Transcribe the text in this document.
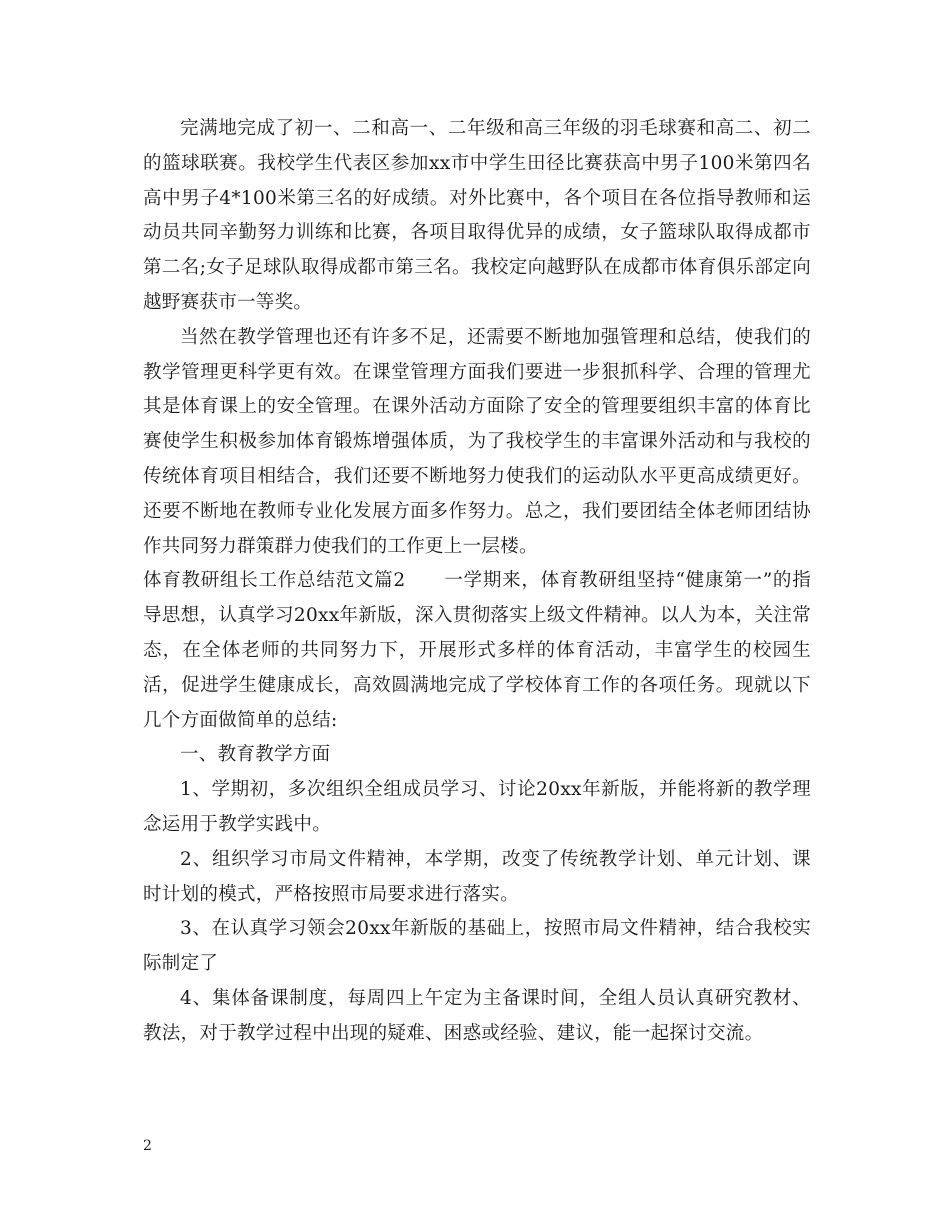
完满地完成了初一、二和高一、二年级和高三年级的羽毛球赛和高二、初二的篮球联赛。我校学生代表区参加xx市中学生田径比赛获高中男子100米第四名高中男子4*100米第三名的好成绩。对外比赛中，各个项目在各位指导教师和运动员共同辛勤努力训练和比赛，各项目取得优异的成绩，女子篮球队取得成都市第二名;女子足球队取得成都市第三名。我校定向越野队在成都市体育俱乐部定向越野赛获市一等奖。

当然在教学管理也还有许多不足，还需要不断地加强管理和总结，使我们的教学管理更科学更有效。在课堂管理方面我们要进一步狠抓科学、合理的管理尤其是体育课上的安全管理。在课外活动方面除了安全的管理要组织丰富的体育比赛使学生积极参加体育锻炼增强体质，为了我校学生的丰富课外活动和与我校的传统体育项目相结合，我们还要不断地努力使我们的运动队水平更高成绩更好。还要不断地在教师专业化发展方面多作努力。总之，我们要团结全体老师团结协作共同努力群策群力使我们的工作更上一层楼。

体育教研组长工作总结范文篇2　　一学期来，体育教研组坚持“健康第一”的指导思想，认真学习20xx年新版，深入贯彻落实上级文件精神。以人为本，关注常态，在全体老师的共同努力下，开展形式多样的体育活动，丰富学生的校园生活，促进学生健康成长，高效圆满地完成了学校体育工作的各项任务。现就以下几个方面做简单的总结:

一、教育教学方面

1、学期初，多次组织全组成员学习、讨论20xx年新版，并能将新的教学理念运用于教学实践中。

2、组织学习市局文件精神，本学期，改变了传统教学计划、单元计划、课时计划的模式，严格按照市局要求进行落实。

3、在认真学习领会20xx年新版的基础上，按照市局文件精神，结合我校实际制定了

4、集体备课制度，每周四上午定为主备课时间，全组人员认真研究教材、教法，对于教学过程中出现的疑难、困惑或经验、建议，能一起探讨交流。

2
